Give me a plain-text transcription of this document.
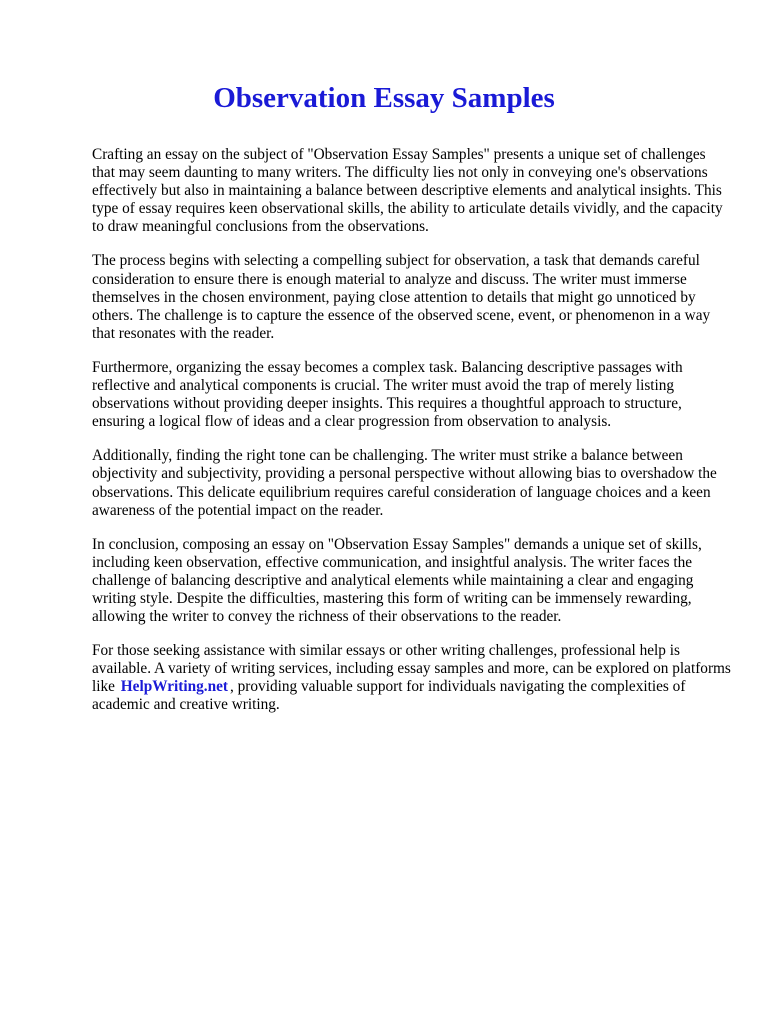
Observation Essay Samples

Crafting an essay on the subject of "Observation Essay Samples" presents a unique set of challenges that may seem daunting to many writers. The difficulty lies not only in conveying one's observations effectively but also in maintaining a balance between descriptive elements and analytical insights. This type of essay requires keen observational skills, the ability to articulate details vividly, and the capacity to draw meaningful conclusions from the observations.

The process begins with selecting a compelling subject for observation, a task that demands careful consideration to ensure there is enough material to analyze and discuss. The writer must immerse themselves in the chosen environment, paying close attention to details that might go unnoticed by others. The challenge is to capture the essence of the observed scene, event, or phenomenon in a way that resonates with the reader.

Furthermore, organizing the essay becomes a complex task. Balancing descriptive passages with reflective and analytical components is crucial. The writer must avoid the trap of merely listing observations without providing deeper insights. This requires a thoughtful approach to structure, ensuring a logical flow of ideas and a clear progression from observation to analysis.

Additionally, finding the right tone can be challenging. The writer must strike a balance between objectivity and subjectivity, providing a personal perspective without allowing bias to overshadow the observations. This delicate equilibrium requires careful consideration of language choices and a keen awareness of the potential impact on the reader.

In conclusion, composing an essay on "Observation Essay Samples" demands a unique set of skills, including keen observation, effective communication, and insightful analysis. The writer faces the challenge of balancing descriptive and analytical elements while maintaining a clear and engaging writing style. Despite the difficulties, mastering this form of writing can be immensely rewarding, allowing the writer to convey the richness of their observations to the reader.

For those seeking assistance with similar essays or other writing challenges, professional help is available. A variety of writing services, including essay samples and more, can be explored on platforms like HelpWriting.net , providing valuable support for individuals navigating the complexities of academic and creative writing.
